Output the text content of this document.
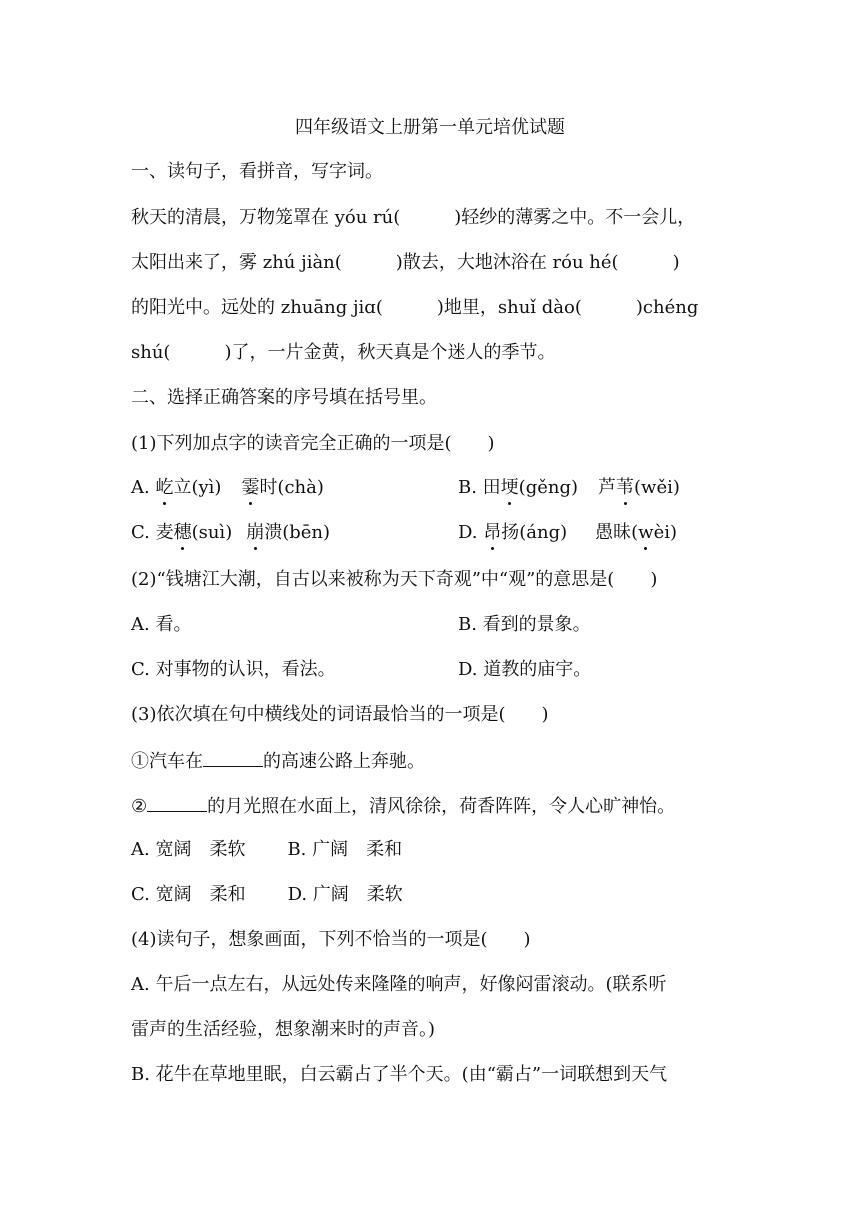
四年级语文上册第一单元培优试题
一、读句子，看拼音，写字词。
秋天的清晨，万物笼罩在 yóu rú(	)轻纱的薄雾之中。不一会儿，
太阳出来了，雾 zhú jiàn(	)散去，大地沐浴在 róu hé(	)
的阳光中。远处的 zhuāng jiɑ(	)地里，shuǐ dào(	)chéng
shú(	)了，一片金黄，秋天真是个迷人的季节。
二、选择正确答案的序号填在括号里。
(1)下列加点字的读音完全正确的一项是(　　)
A. 屹立(yì) 霎时(chà)	B. 田埂(gěng) 芦苇(wěi)
C. 麦穗(suì) 崩溃(bēn)	D. 昂扬(áng) 愚昧(wèi)
(2)“钱塘江大潮，自古以来被称为天下奇观”中“观”的意思是(　　)
A. 看。	B. 看到的景象。
C. 对事物的认识，看法。	D. 道教的庙宇。
(3)依次填在句中横线处的词语最恰当的一项是(　　)
①汽车在	的高速公路上奔驰。
②	的月光照在水面上，清风徐徐，荷香阵阵，令人心旷神怡。
A. 宽阔　柔软 B. 广阔　柔和
C. 宽阔　柔和 D. 广阔　柔软
(4)读句子，想象画面，下列不恰当的一项是(　　)
A. 午后一点左右，从远处传来隆隆的响声，好像闷雷滚动。(联系听
雷声的生活经验，想象潮来时的声音。)
B. 花牛在草地里眠，白云霸占了半个天。(由“霸占”一词联想到天气
